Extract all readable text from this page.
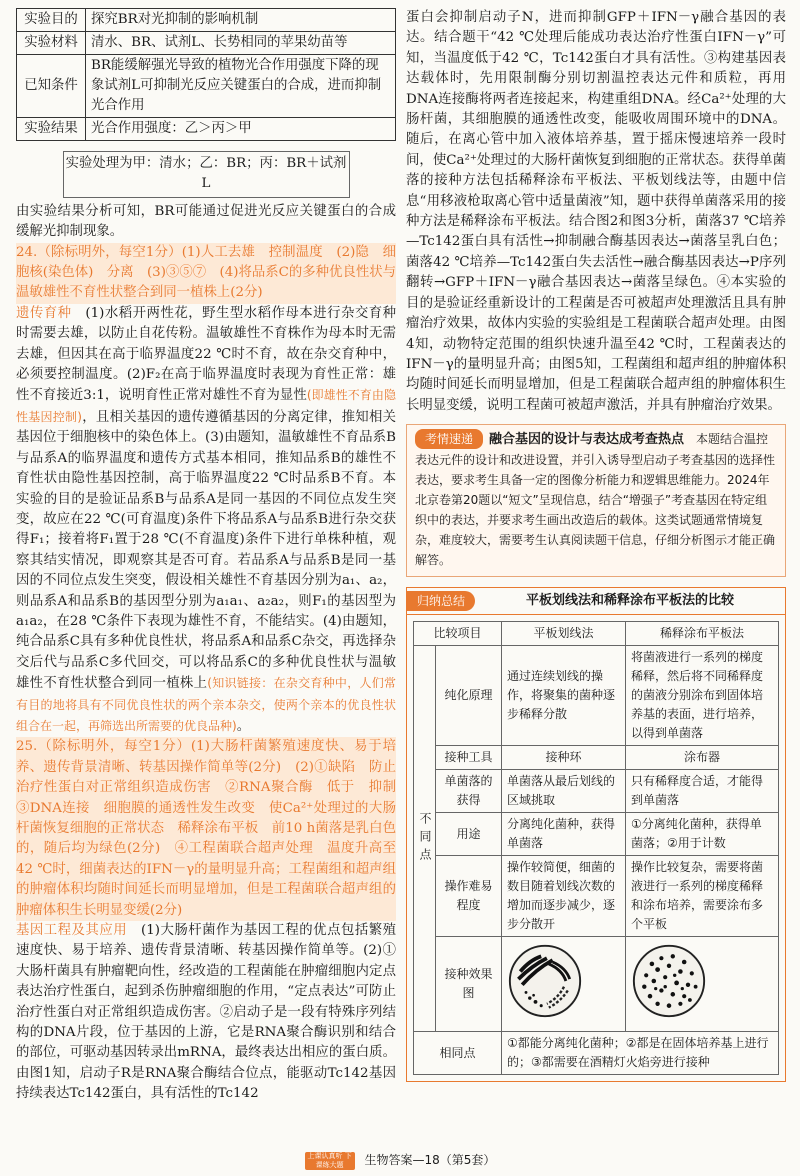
实验目的	探究BR对光抑制的影响机制
实验材料	清水、BR、试剂L、长势相同的苹果幼苗等
已知条件	BR能缓解强光导致的植物光合作用强度下降的现象试剂L可抑制光反应关键蛋白的合成，进而抑制光合作用
实验结果	光合作用强度：乙＞丙＞甲
实验处理为甲：清水；乙：BR；丙：BR＋试剂L

由实验结果分析可知，BR可能通过促进光反应关键蛋白的合成缓解光抑制现象。

24.（除标明外，每空1分）(1)人工去雄　控制温度　(2)隐　细胞核(染色体)　分离　(3)③⑤⑦　(4)将品系C的多种优良性状与温敏雄性不育性状整合到同一植株上(2分)

遗传育种　(1)水稻开两性花，野生型水稻作母本进行杂交育种时需要去雄，以防止自花传粉。温敏雄性不育株作为母本时无需去雄，但因其在高于临界温度22 ℃时不育，故在杂交育种中，必须要控制温度。(2)F₂在高于临界温度时表现为育性正常：雄性不育接近3:1，说明育性正常对雄性不育为显性(即雄性不育由隐性基因控制)，且相关基因的遗传遵循基因的分离定律，推知相关基因位于细胞核中的染色体上。(3)由题知，温敏雄性不育品系B与品系A的临界温度和遗传方式基本相同，推知品系B的雄性不育性状由隐性基因控制，高于临界温度22 ℃时品系B不育。本实验的目的是验证品系B与品系A是同一基因的不同位点发生突变，故应在22 ℃(可育温度)条件下将品系A与品系B进行杂交获得F₁；接着将F₁置于28 ℃(不育温度)条件下进行单株种植，观察其结实情况，即观察其是否可育。若品系A与品系B是同一基因的不同位点发生突变，假设相关雄性不育基因分别为a₁、a₂，则品系A和品系B的基因型分别为a₁a₁、a₂a₂，则F₁的基因型为a₁a₂，在28 ℃条件下表现为雄性不育，不能结实。(4)由题知，纯合品系C具有多种优良性状，将品系A和品系C杂交，再选择杂交后代与品系C多代回交，可以将品系C的多种优良性状与温敏雄性不育性状整合到同一植株上(知识链接：在杂交育种中，人们常有目的地将具有不同优良性状的两个亲本杂交，使两个亲本的优良性状组合在一起，再筛选出所需要的优良品种)。

25.（除标明外，每空1分）(1)大肠杆菌繁殖速度快、易于培养、遗传背景清晰、转基因操作简单等(2分)　(2)①缺陷　防止治疗性蛋白对正常组织造成伤害　②RNA聚合酶　低于　抑制　③DNA连接　细胞膜的通透性发生改变　使Ca²⁺处理过的大肠杆菌恢复细胞的正常状态　稀释涂布平板　前10 h菌落是乳白色的，随后均为绿色(2分)　④工程菌联合超声处理　温度升高至42 ℃时，细菌表达的IFN－γ的量明显升高；工程菌组和超声组的肿瘤体积均随时间延长而明显增加，但是工程菌联合超声组的肿瘤体积生长明显变缓(2分)

基因工程及其应用　(1)大肠杆菌作为基因工程的优点包括繁殖速度快、易于培养、遗传背景清晰、转基因操作简单等。(2)①大肠杆菌具有肿瘤靶向性，经改造的工程菌能在肿瘤细胞内定点表达治疗性蛋白，起到杀伤肿瘤细胞的作用，“定点表达”可防止治疗性蛋白对正常组织造成伤害。②启动子是一段有特殊序列结构的DNA片段，位于基因的上游，它是RNA聚合酶识别和结合的部位，可驱动基因转录出mRNA，最终表达出相应的蛋白质。由图1知，启动子R是RNA聚合酶结合位点，能驱动Tc142基因持续表达Tc142蛋白，具有活性的Tc142

蛋白会抑制启动子N，进而抑制GFP＋IFN－γ融合基因的表达。结合题干“42 ℃处理后能成功表达治疗性蛋白IFN－γ”可知，当温度低于42 ℃，Tc142蛋白才具有活性。③构建基因表达载体时，先用限制酶分别切割温控表达元件和质粒，再用DNA连接酶将两者连接起来，构建重组DNA。经Ca²⁺处理的大肠杆菌，其细胞膜的通透性改变，能吸收周围环境中的DNA。随后，在离心管中加入液体培养基，置于摇床慢速培养一段时间，使Ca²⁺处理过的大肠杆菌恢复到细胞的正常状态。获得单菌落的接种方法包括稀释涂布平板法、平板划线法等，由题中信息“用移液枪取离心管中适量菌液”知，题中获得单菌落采用的接种方法是稀释涂布平板法。结合图2和图3分析，菌落37 ℃培养—Tc142蛋白具有活性→抑制融合酶基因表达→菌落呈乳白色；菌落42 ℃培养—Tc142蛋白失去活性→融合酶基因表达→P序列翻转→GFP＋IFN－γ融合基因表达→菌落呈绿色。④本实验的目的是验证经重新设计的工程菌是否可被超声处理激活且具有肿瘤治疗效果，故体内实验的实验组是工程菌联合超声处理。由图4知，动物特定范围的组织快速升温至42 ℃时，工程菌表达的IFN－γ的量明显升高；由图5知，工程菌组和超声组的肿瘤体积均随时间延长而明显增加，但是工程菌联合超声组的肿瘤体积生长明显变缓，说明工程菌可被超声激活，并具有肿瘤治疗效果。

考情速递 融合基因的设计与表达成考查热点　本题结合温控表达元件的设计和改进设置，并引入诱导型启动子考查基因的选择性表达，要求考生具备一定的图像分析能力和逻辑思维能力。2024年北京卷第20题以“短文”呈现信息，结合“增强子”考查基因在特定组织中的表达，并要求考生画出改造后的载体。这类试题通常情境复杂，难度较大，需要考生认真阅读题干信息，仔细分析图示才能正确解答。
归纳总结	平板划线法和稀释涂布平板法的比较
比较项目		平板划线法	稀释涂布平板法
不同点	纯化原理	通过连续划线的操作，将聚集的菌种逐步稀释分散	将菌液进行一系列的梯度稀释，然后将不同稀释度的菌液分别涂布到固体培养基的表面，进行培养，以得到单菌落
	接种工具	接种环	涂布器
	单菌落的获得	单菌落从最后划线的区域挑取	只有稀释度合适，才能得到单菌落
	用途	分离纯化菌种，获得单菌落	①分离纯化菌种，获得单菌落；②用于计数
	操作难易程度	操作较简便，细菌的数目随着划线次数的增加而逐步减少，逐步分散开	操作比较复杂，需要将菌液进行一系列的梯度稀释和涂布培养，需要涂布多个平板
	接种效果图		
相同点		①都能分离纯化菌种；②都是在固体培养基上进行的；③都需要在酒精灯火焰旁进行接种	
上课认真听 下课练大题 生物答案—18（第5套）
